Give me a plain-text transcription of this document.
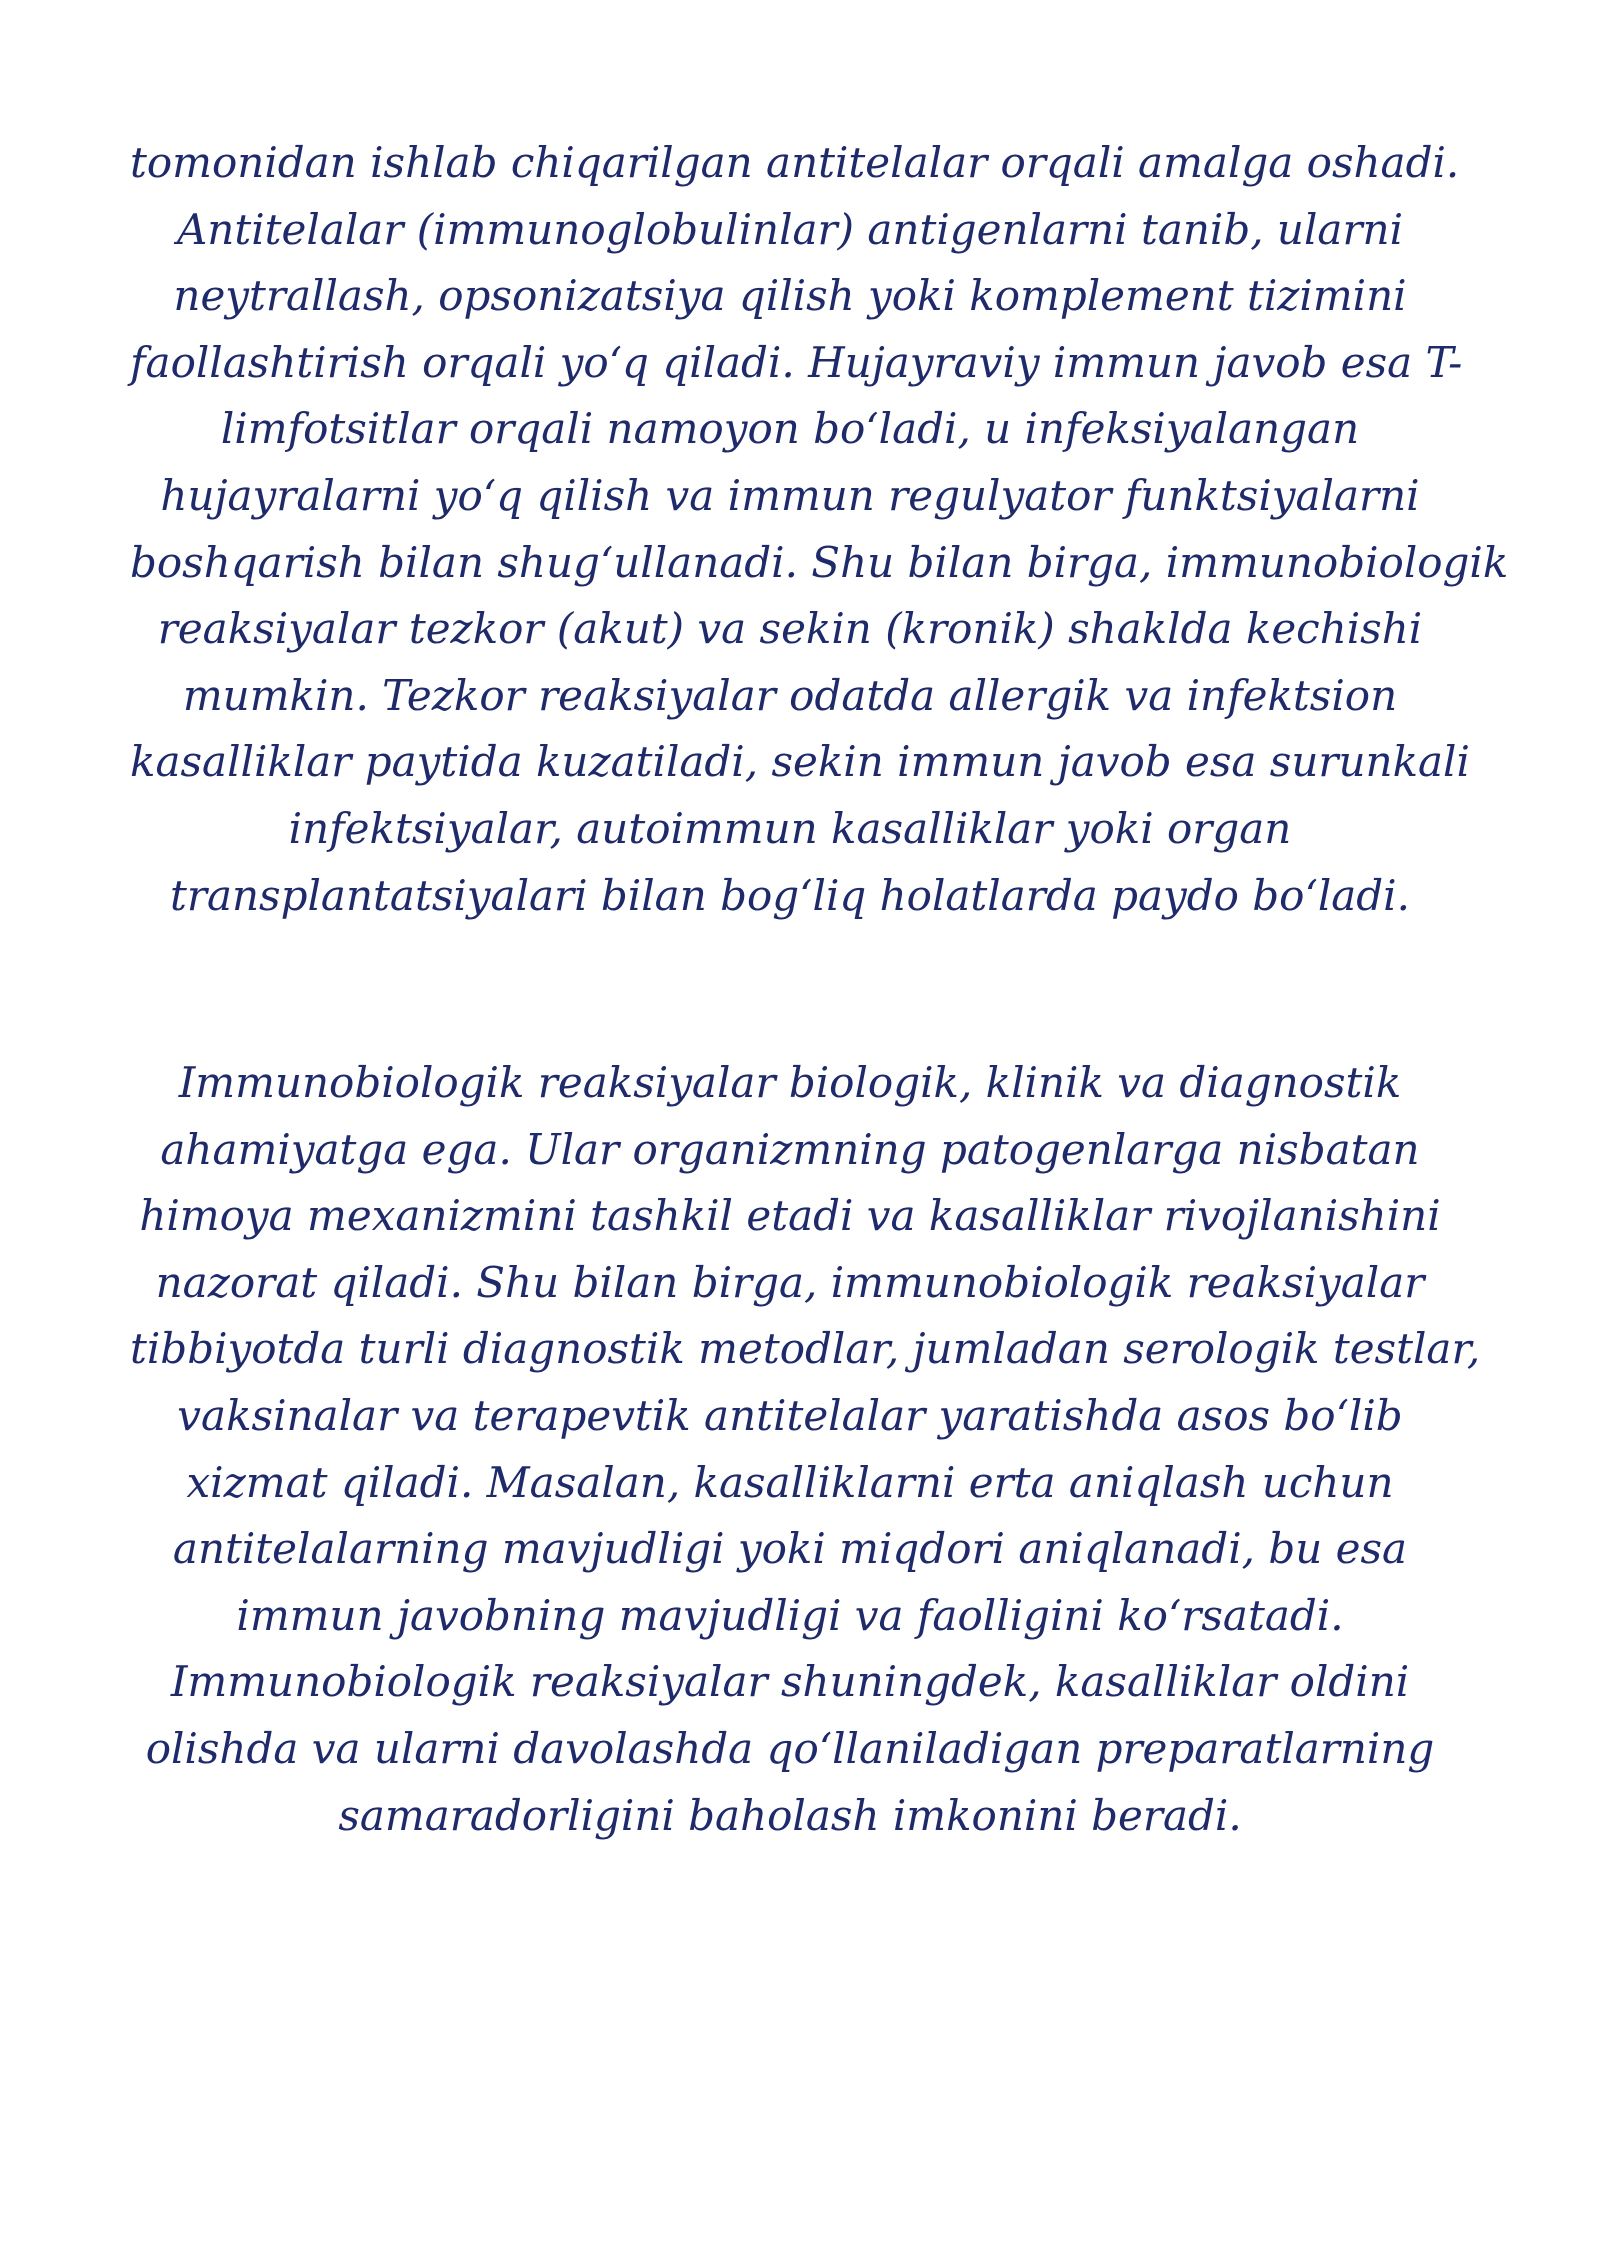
tomonidan ishlab chiqarilgan antitelalar orqali amalga oshadi.
Antitelalar (immunoglobulinlar) antigenlarni tanib, ularni
neytrallash, opsonizatsiya qilish yoki komplement tizimini
faollashtirish orqali yo‘q qiladi. Hujayraviy immun javob esa T-
limfotsitlar orqali namoyon bo‘ladi, u infeksiyalangan
hujayralarni yo‘q qilish va immun regulyator funktsiyalarni
boshqarish bilan shug‘ullanadi. Shu bilan birga, immunobiologik
reaksiyalar tezkor (akut) va sekin (kronik) shaklda kechishi
mumkin. Tezkor reaksiyalar odatda allergik va infektsion
kasalliklar paytida kuzatiladi, sekin immun javob esa surunkali
infektsiyalar, autoimmun kasalliklar yoki organ
transplantatsiyalari bilan bog‘liq holatlarda paydo bo‘ladi.

Immunobiologik reaksiyalar biologik, klinik va diagnostik
ahamiyatga ega. Ular organizmning patogenlarga nisbatan
himoya mexanizmini tashkil etadi va kasalliklar rivojlanishini
nazorat qiladi. Shu bilan birga, immunobiologik reaksiyalar
tibbiyotda turli diagnostik metodlar, jumladan serologik testlar,
vaksinalar va terapevtik antitelalar yaratishda asos bo‘lib
xizmat qiladi. Masalan, kasalliklarni erta aniqlash uchun
antitelalarning mavjudligi yoki miqdori aniqlanadi, bu esa
immun javobning mavjudligi va faolligini ko‘rsatadi.
Immunobiologik reaksiyalar shuningdek, kasalliklar oldini
olishda va ularni davolashda qo‘llaniladigan preparatlarning
samaradorligini baholash imkonini beradi.
